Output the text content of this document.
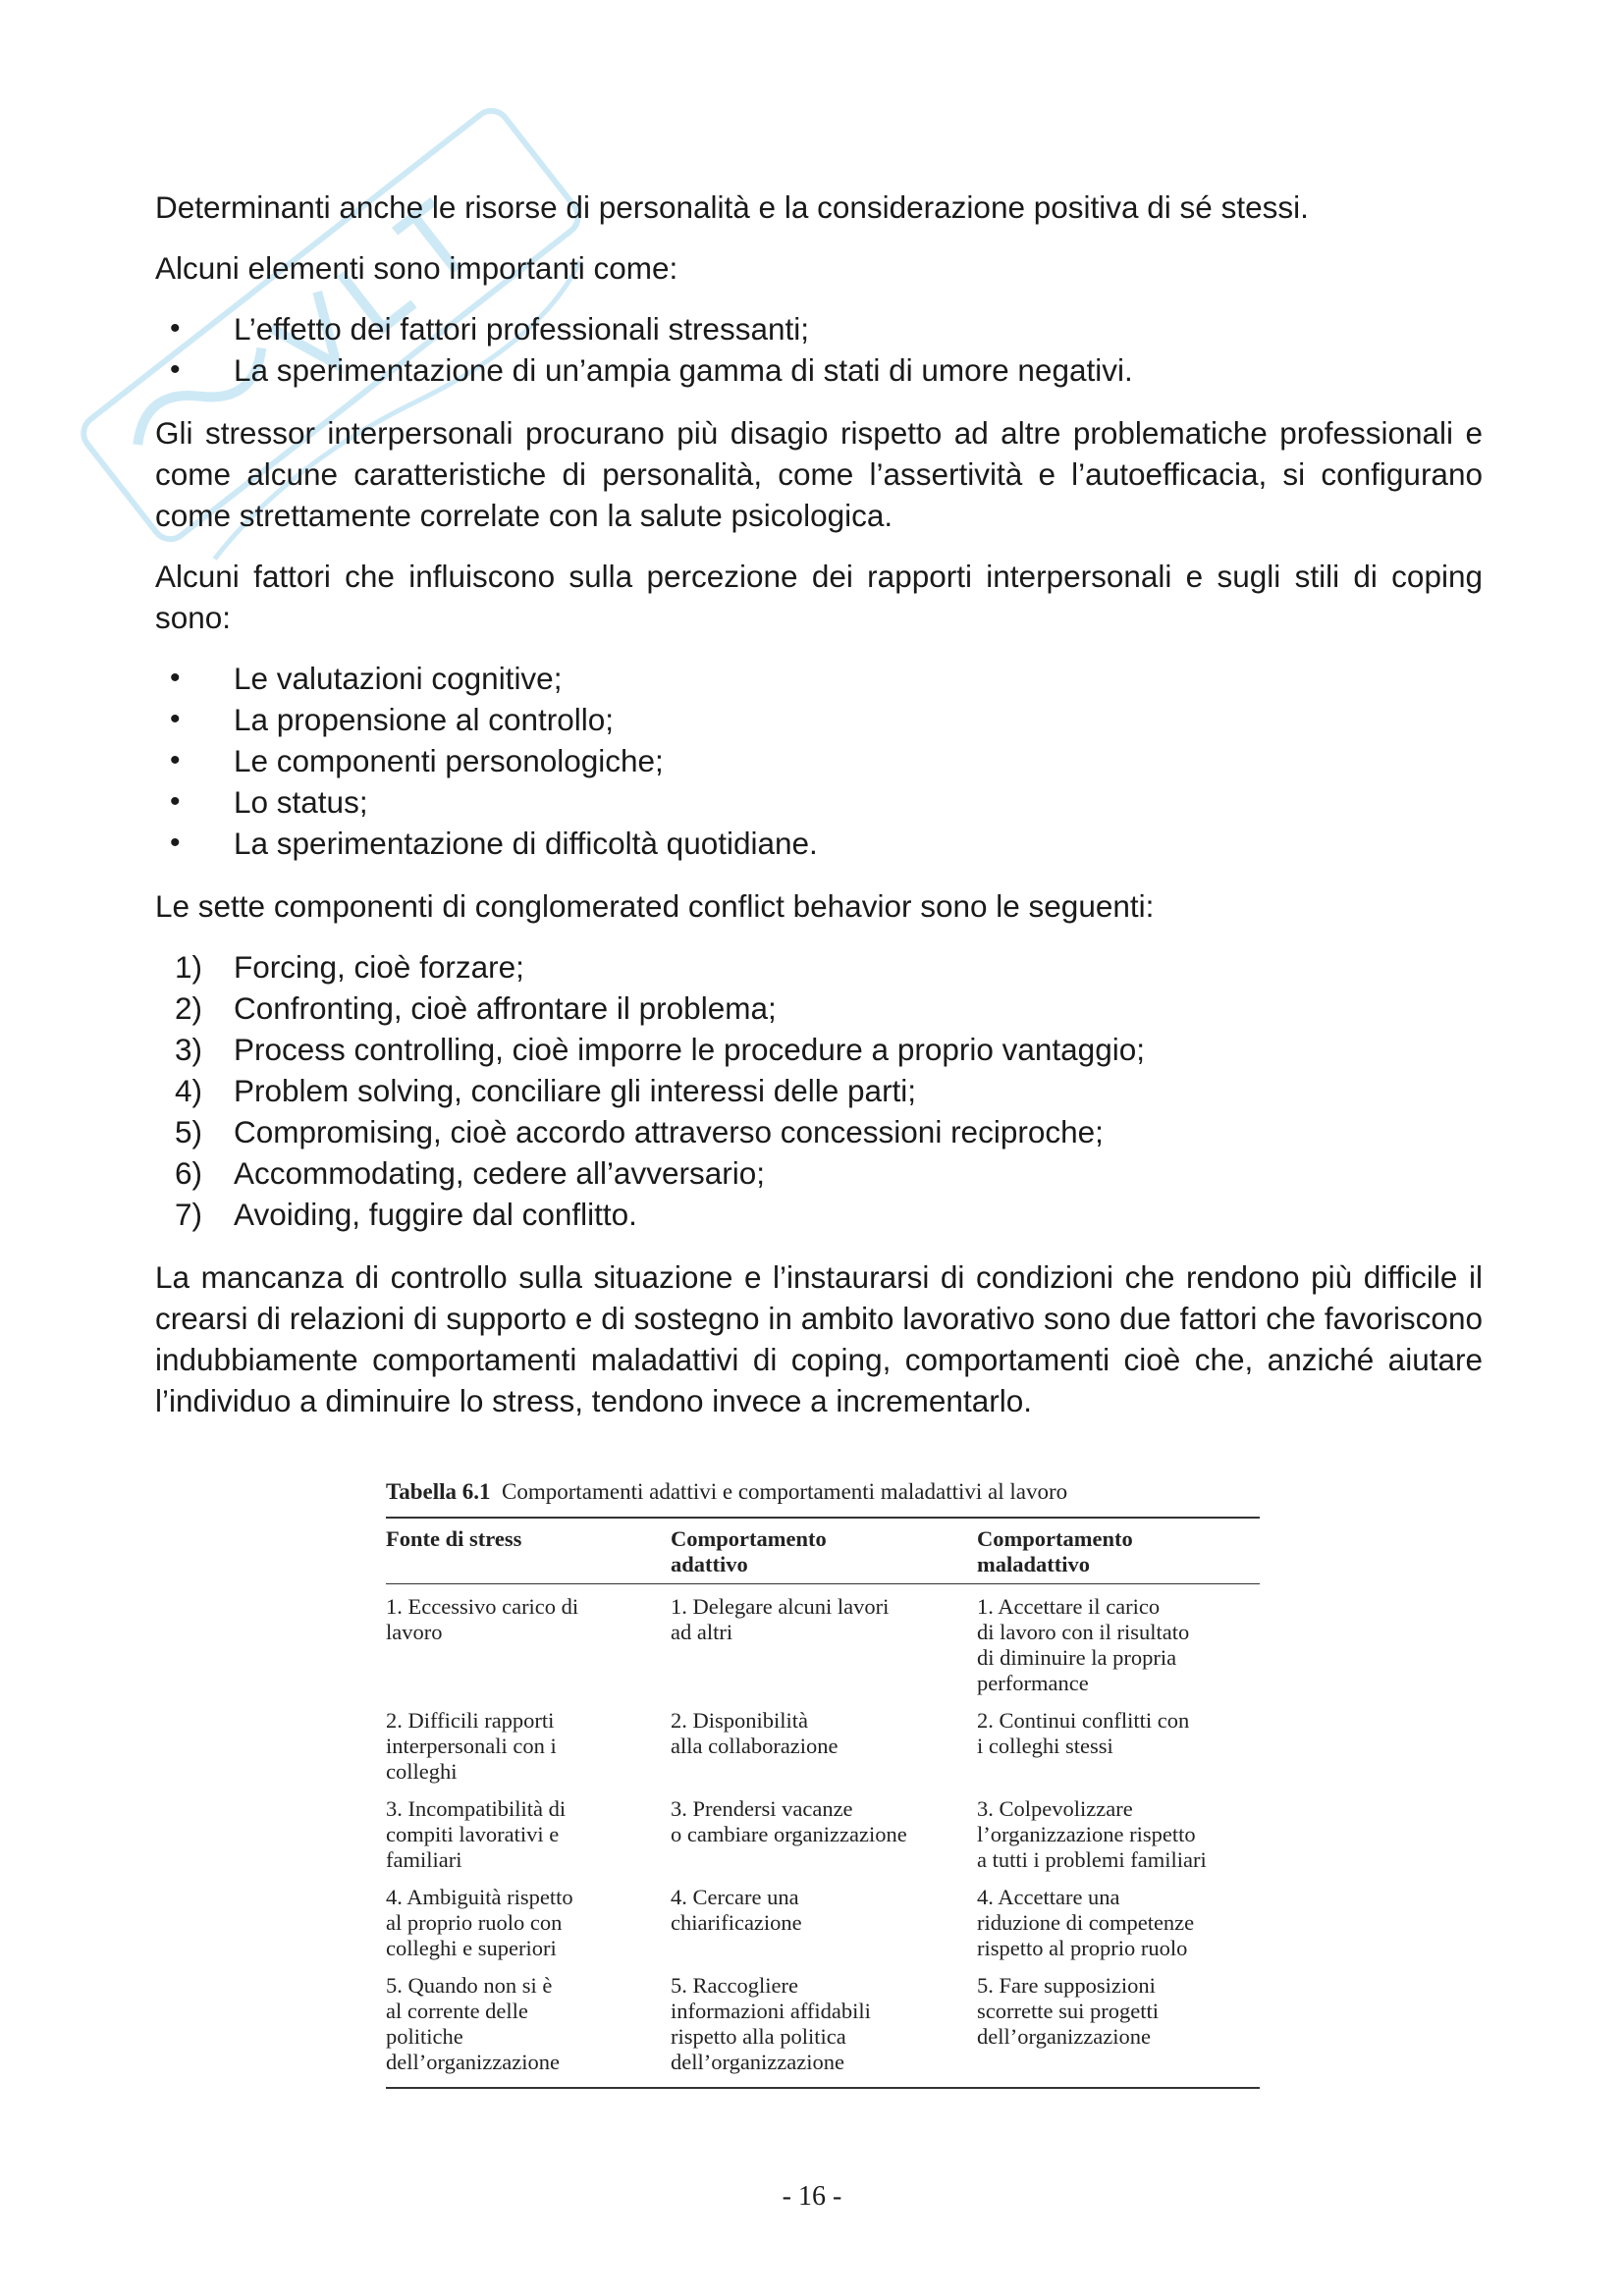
Determinanti anche le risorse di personalità e la considerazione positiva di sé stessi.

Alcuni elementi sono importanti come:

• L’effetto dei fattori professionali stressanti;
• La sperimentazione di un’ampia gamma di stati di umore negativi.

Gli stressor interpersonali procurano più disagio rispetto ad altre problematiche professionali e come alcune caratteristiche di personalità, come l’assertività e l’autoefficacia, si configurano come strettamente correlate con la salute psicologica.

Alcuni fattori che influiscono sulla percezione dei rapporti interpersonali e sugli stili di coping sono:

• Le valutazioni cognitive;
• La propensione al controllo;
• Le componenti personologiche;
• Lo status;
• La sperimentazione di difficoltà quotidiane.

Le sette componenti di conglomerated conflict behavior sono le seguenti:

1) Forcing, cioè forzare;
2) Confronting, cioè affrontare il problema;
3) Process controlling, cioè imporre le procedure a proprio vantaggio;
4) Problem solving, conciliare gli interessi delle parti;
5) Compromising, cioè accordo attraverso concessioni reciproche;
6) Accommodating, cedere all’avversario;
7) Avoiding, fuggire dal conflitto.

La mancanza di controllo sulla situazione e l’instaurarsi di condizioni che rendono più difficile il crearsi di relazioni di supporto e di sostegno in ambito lavorativo sono due fattori che favoriscono indubbiamente comportamenti maladattivi di coping, comportamenti cioè che, anziché aiutare l’individuo a diminuire lo stress, tendono invece a incrementarlo.

Tabella 6.1 Comportamenti adattivi e comportamenti maladattivi al lavoro
Fonte di stress	Comportamento
adattivo
Comportamento
maladattivo
1. Eccessivo carico di
lavoro
1. Delegare alcuni lavori
ad altri
1. Accettare il carico
di lavoro con il risultato
di diminuire la propria
performance
2. Difficili rapporti
interpersonali con i
colleghi
2. Disponibilità
alla collaborazione
2. Continui conflitti con
i colleghi stessi
3. Incompatibilità di
compiti lavorativi e
familiari
3. Prendersi vacanze
o cambiare organizzazione
3. Colpevolizzare
l’organizzazione rispetto
a tutti i problemi familiari
4. Ambiguità rispetto
al proprio ruolo con
colleghi e superiori
4. Cercare una
chiarificazione
4. Accettare una
riduzione di competenze
rispetto al proprio ruolo
5. Quando non si è
al corrente delle
politiche
dell’organizzazione
5. Raccogliere
informazioni affidabili
rispetto alla politica
dell’organizzazione
5. Fare supposizioni
scorrette sui progetti
dell’organizzazione
- 16 -
